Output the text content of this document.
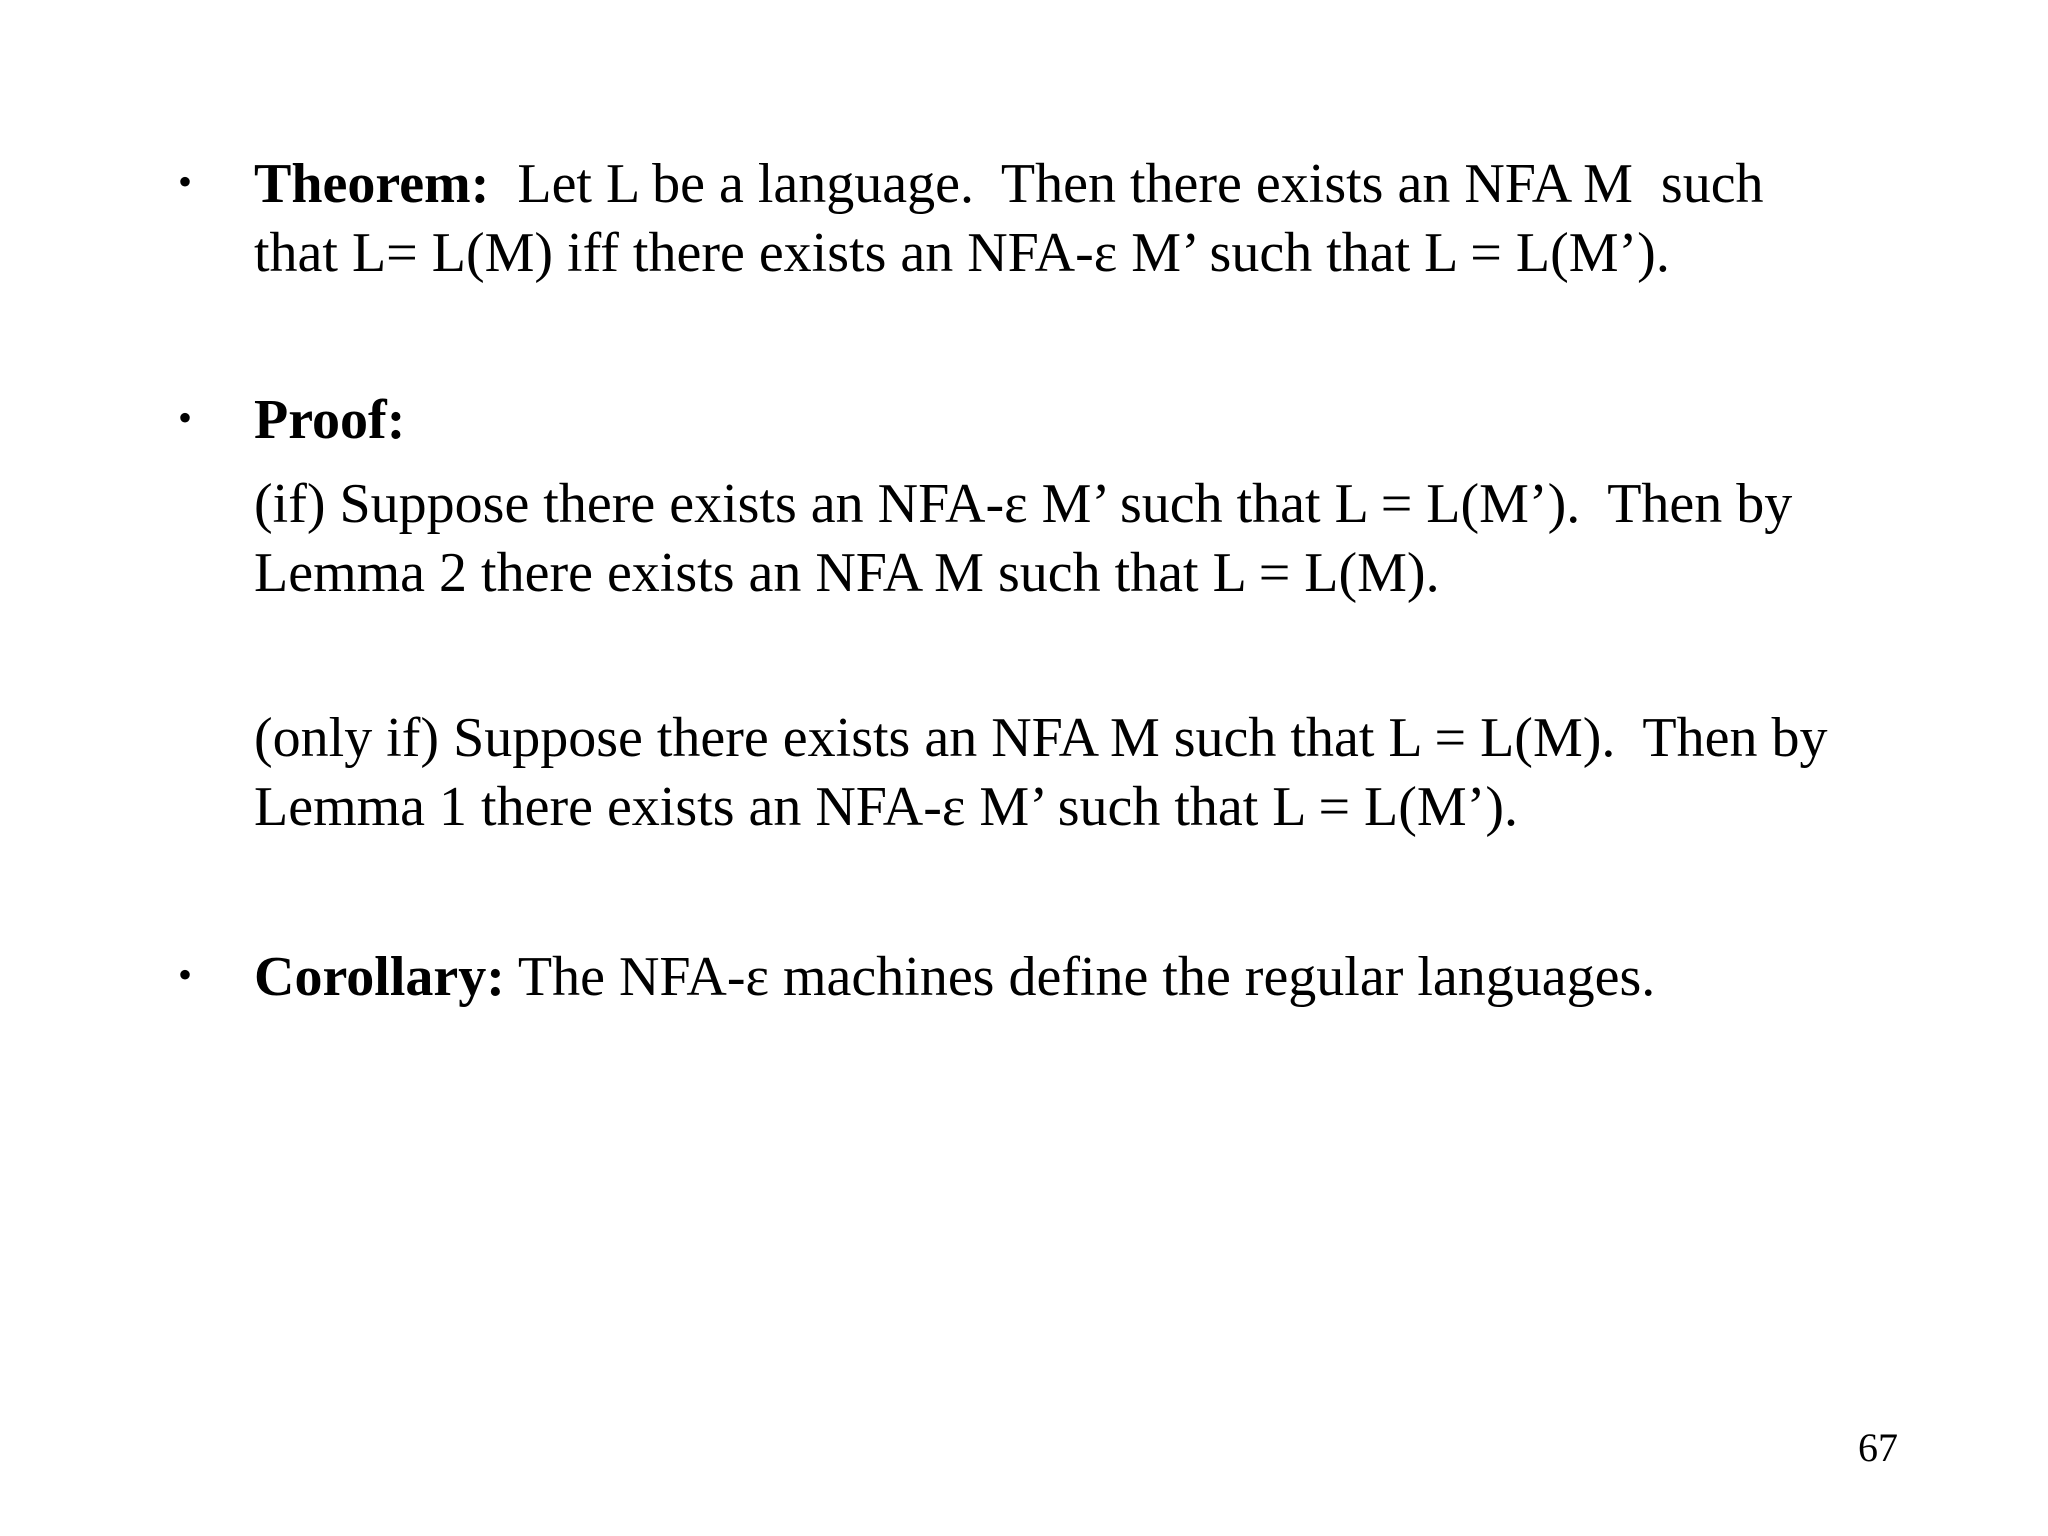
• Theorem:  Let L be a language.  Then there exists an NFA M  such
that L= L(M) iff there exists an NFA-ε M’ such that L = L(M’).
• Proof:
(if) Suppose there exists an NFA-ε M’ such that L = L(M’).  Then by
Lemma 2 there exists an NFA M such that L = L(M).
(only if) Suppose there exists an NFA M such that L = L(M).  Then by
Lemma 1 there exists an NFA-ε M’ such that L = L(M’).
• Corollary: The NFA-ε machines define the regular languages.
67
